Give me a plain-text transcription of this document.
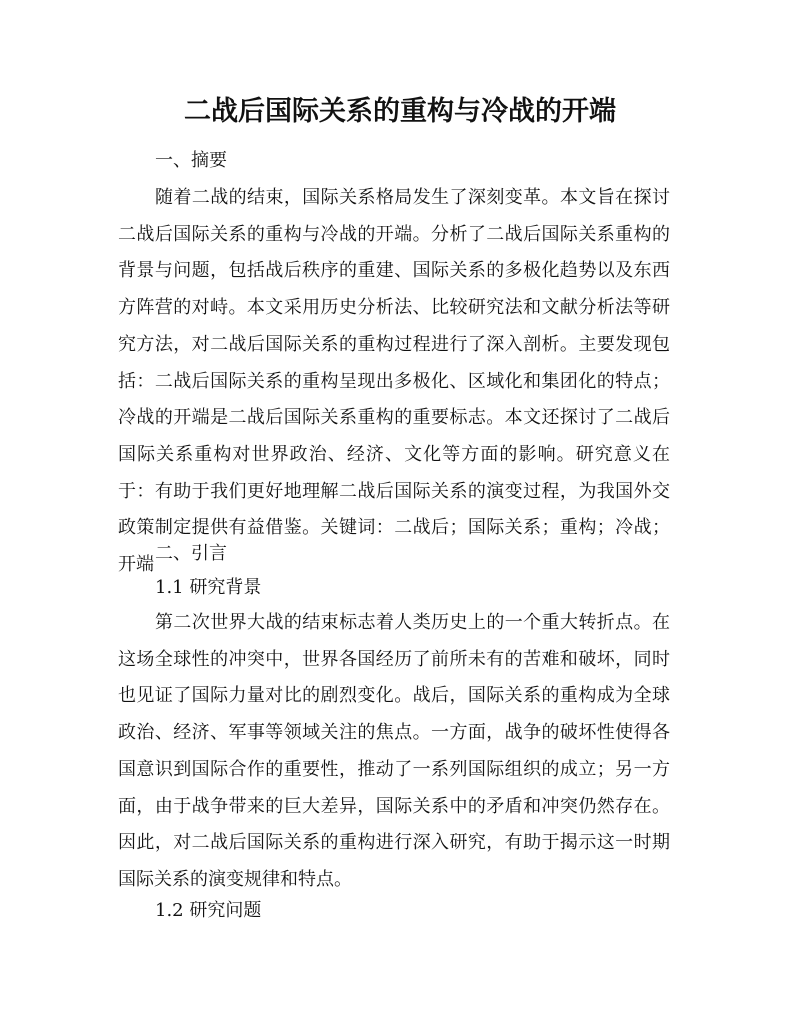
二战后国际关系的重构与冷战的开端

一、摘要

随着二战的结束，国际关系格局发生了深刻变革。本文旨在探讨二战后国际关系的重构与冷战的开端。分析了二战后国际关系重构的背景与问题，包括战后秩序的重建、国际关系的多极化趋势以及东西方阵营的对峙。本文采用历史分析法、比较研究法和文献分析法等研究方法，对二战后国际关系的重构过程进行了深入剖析。主要发现包括：二战后国际关系的重构呈现出多极化、区域化和集团化的特点；冷战的开端是二战后国际关系重构的重要标志。本文还探讨了二战后国际关系重构对世界政治、经济、文化等方面的影响。研究意义在于：有助于我们更好地理解二战后国际关系的演变过程，为我国外交政策制定提供有益借鉴。关键词：二战后；国际关系；重构；冷战；开端

二、引言

1.1 研究背景

第二次世界大战的结束标志着人类历史上的一个重大转折点。在这场全球性的冲突中，世界各国经历了前所未有的苦难和破坏，同时也见证了国际力量对比的剧烈变化。战后，国际关系的重构成为全球政治、经济、军事等领域关注的焦点。一方面，战争的破坏性使得各国意识到国际合作的重要性，推动了一系列国际组织的成立；另一方面，由于战争带来的巨大差异，国际关系中的矛盾和冲突仍然存在。因此，对二战后国际关系的重构进行深入研究，有助于揭示这一时期国际关系的演变规律和特点。

1.2 研究问题
